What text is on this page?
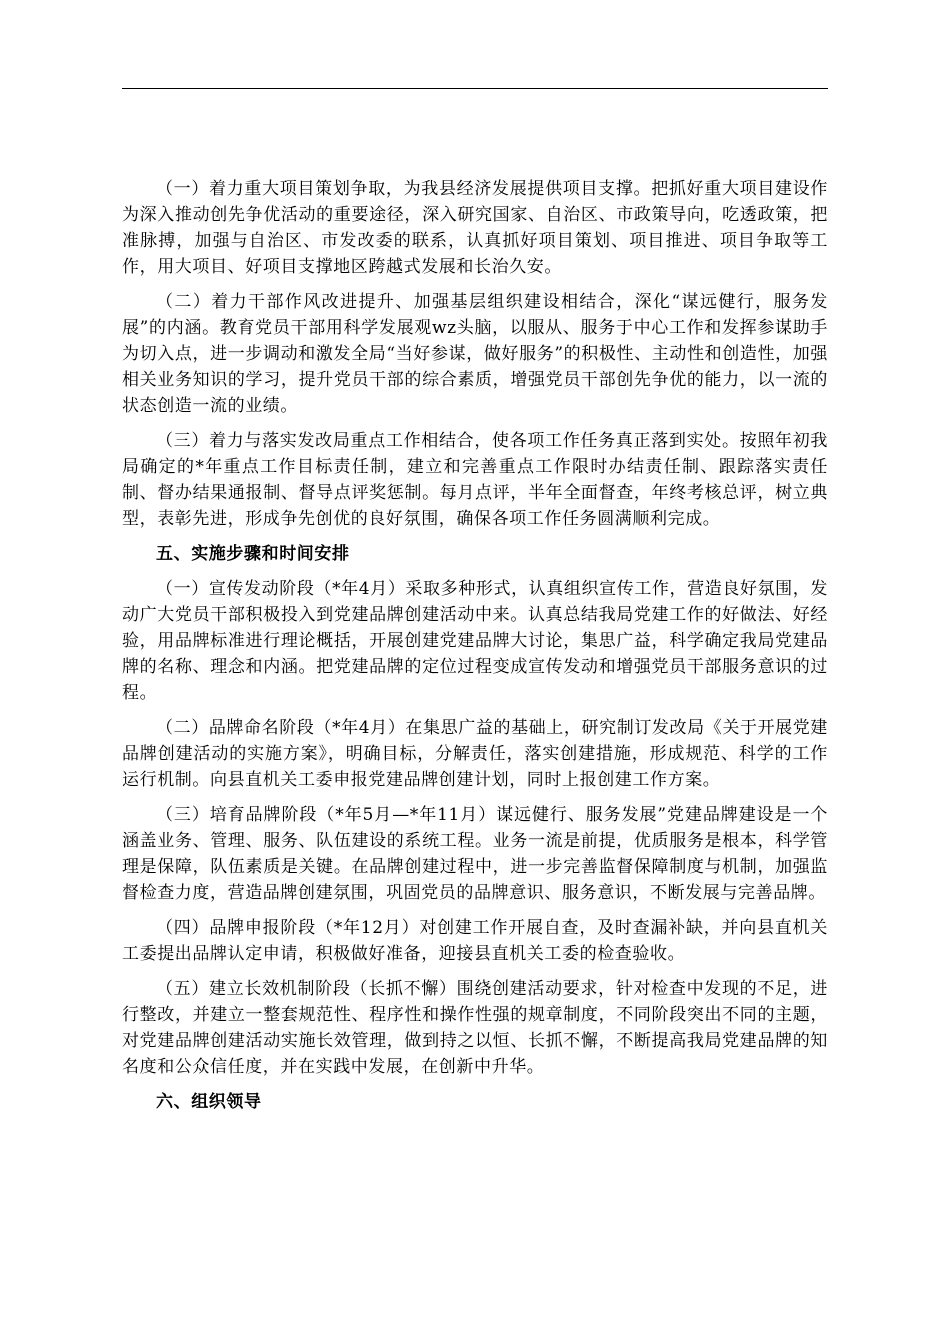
（一）着力重大项目策划争取，为我县经济发展提供项目支撑。把抓好重大项目建设作为深入推动创先争优活动的重要途径，深入研究国家、自治区、市政策导向，吃透政策，把准脉搏，加强与自治区、市发改委的联系，认真抓好项目策划、项目推进、项目争取等工作，用大项目、好项目支撑地区跨越式发展和长治久安。

（二）着力干部作风改进提升、加强基层组织建设相结合，深化“谋远健行，服务发展”的内涵。教育党员干部用科学发展观wz头脑，以服从、服务于中心工作和发挥参谋助手为切入点，进一步调动和激发全局“当好参谋，做好服务”的积极性、主动性和创造性，加强相关业务知识的学习，提升党员干部的综合素质，增强党员干部创先争优的能力，以一流的状态创造一流的业绩。

（三）着力与落实发改局重点工作相结合，使各项工作任务真正落到实处。按照年初我局确定的*年重点工作目标责任制，建立和完善重点工作限时办结责任制、跟踪落实责任制、督办结果通报制、督导点评奖惩制。每月点评，半年全面督查，年终考核总评，树立典型，表彰先进，形成争先创优的良好氛围，确保各项工作任务圆满顺利完成。

五、实施步骤和时间安排

（一）宣传发动阶段（*年4月）采取多种形式，认真组织宣传工作，营造良好氛围，发动广大党员干部积极投入到党建品牌创建活动中来。认真总结我局党建工作的好做法、好经验，用品牌标准进行理论概括，开展创建党建品牌大讨论，集思广益，科学确定我局党建品牌的名称、理念和内涵。把党建品牌的定位过程变成宣传发动和增强党员干部服务意识的过程。

（二）品牌命名阶段（*年4月）在集思广益的基础上，研究制订发改局《关于开展党建品牌创建活动的实施方案》，明确目标，分解责任，落实创建措施，形成规范、科学的工作运行机制。向县直机关工委申报党建品牌创建计划，同时上报创建工作方案。

（三）培育品牌阶段（*年5月—*年11月）谋远健行、服务发展”党建品牌建设是一个涵盖业务、管理、服务、队伍建设的系统工程。业务一流是前提，优质服务是根本，科学管理是保障，队伍素质是关键。在品牌创建过程中，进一步完善监督保障制度与机制，加强监督检查力度，营造品牌创建氛围，巩固党员的品牌意识、服务意识，不断发展与完善品牌。

（四）品牌申报阶段（*年12月）对创建工作开展自查，及时查漏补缺，并向县直机关工委提出品牌认定申请，积极做好准备，迎接县直机关工委的检查验收。

（五）建立长效机制阶段（长抓不懈）围绕创建活动要求，针对检查中发现的不足，进行整改，并建立一整套规范性、程序性和操作性强的规章制度，不同阶段突出不同的主题，对党建品牌创建活动实施长效管理，做到持之以恒、长抓不懈，不断提高我局党建品牌的知名度和公众信任度，并在实践中发展，在创新中升华。

六、组织领导
